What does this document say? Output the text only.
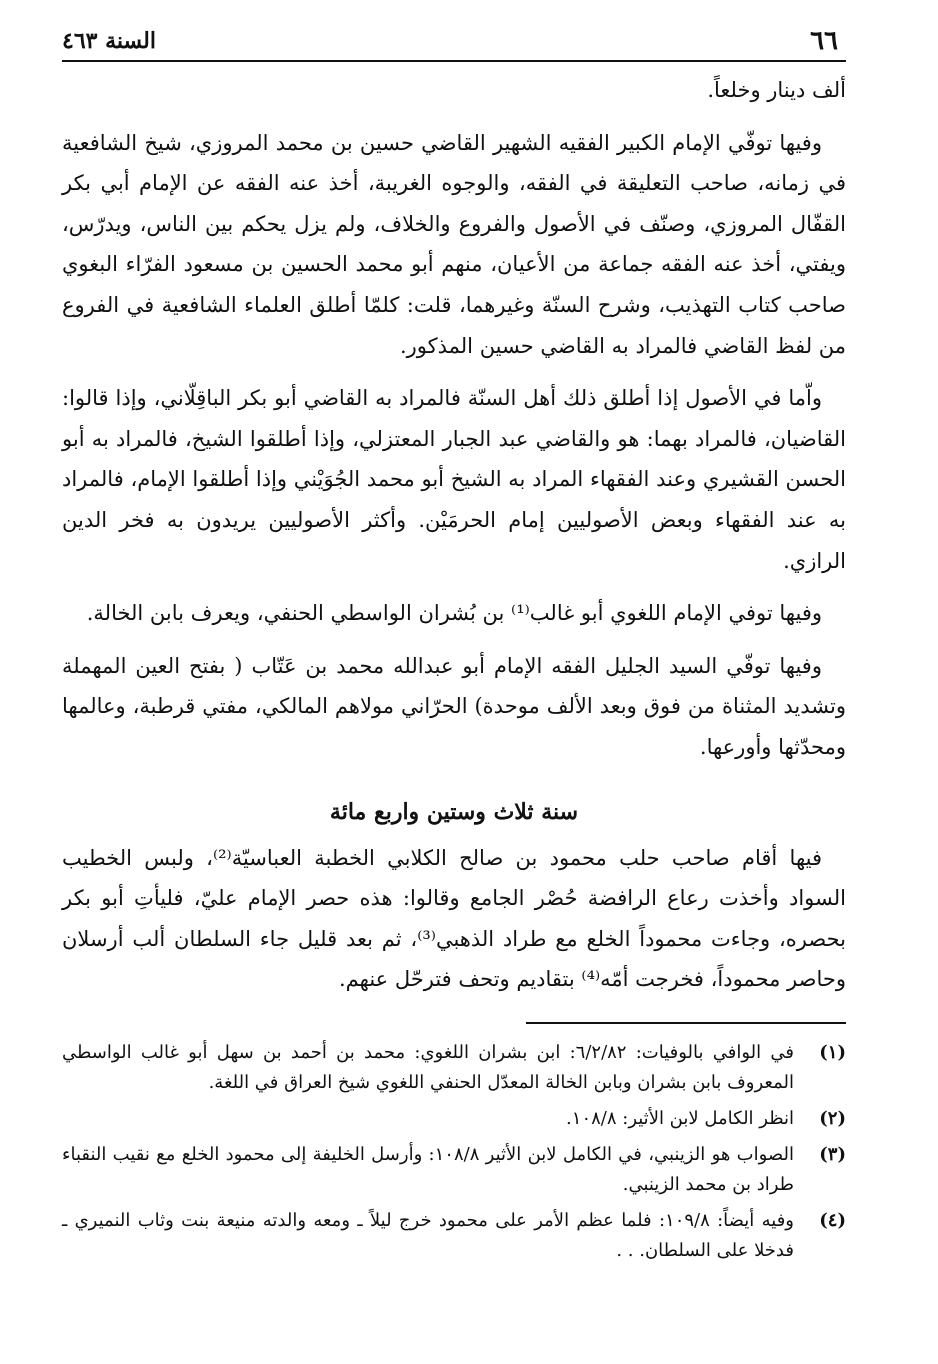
٦٦
السنة ٤٦٣

ألف دينار وخلعاً.

وفيها توفّي الإمام الكبير الفقيه الشهير القاضي حسين بن محمد المروزي، شيخ الشافعية في زمانه، صاحب التعليقة في الفقه، والوجوه الغريبة، أخذ عنه الفقه عن الإمام أبي بكر القفّال المروزي، وصنّف في الأصول والفروع والخلاف، ولم يزل يحكم بين الناس، ويدرّس، ويفتي، أخذ عنه الفقه جماعة من الأعيان، منهم أبو محمد الحسين بن مسعود الفرّاء البغوي صاحب كتاب التهذيب، وشرح السنّة وغيرهما، قلت: كلمّا أطلق العلماء الشافعية في الفروع من لفظ القاضي فالمراد به القاضي حسين المذكور.

واّما في الأصول إذا أطلق ذلك أهل السنّة فالمراد به القاضي أبو بكر الباقِلّاني، وإذا قالوا: القاضيان، فالمراد بهما: هو والقاضي عبد الجبار المعتزلي، وإذا أطلقوا الشيخ، فالمراد به أبو الحسن القشيري وعند الفقهاء المراد به الشيخ أبو محمد الجُوَيْني وإذا أطلقوا الإمام، فالمراد به عند الفقهاء وبعض الأصوليين إمام الحرمَيْن. وأكثر الأصوليين يريدون به فخر الدين الرازي.

وفيها توفي الإمام اللغوي أبو غالب⁽¹⁾ بن بُشران الواسطي الحنفي، ويعرف بابن الخالة.

وفيها توفّي السيد الجليل الفقه الإمام أبو عبدالله محمد بن عَتّاب ( بفتح العين المهملة وتشديد المثناة من فوق وبعد الألف موحدة) الحرّاني مولاهم المالكي، مفتي قرطبة، وعالمها ومحدّثها وأورعها.

سنة ثلاث وستين واربع مائة

فيها أقام صاحب حلب محمود بن صالح الكلابي الخطبة العباسيّة⁽²⁾، ولبس الخطيب السواد وأخذت رعاع الرافضة حُصْر الجامع وقالوا: هذه حصر الإمام عليّ، فليأتِ أبو بكر بحصره، وجاءت محموداً الخلع مع طراد الذهبي⁽³⁾، ثم بعد قليل جاء السلطان ألب أرسلان وحاصر محموداً، فخرجت أمّه⁽⁴⁾ بتقاديم وتحف فترحّل عنهم.

(١)
في الوافي بالوفيات: ٦/٢/٨٢: ابن بشران اللغوي: محمد بن أحمد بن سهل أبو غالب الواسطي المعروف بابن بشران وبابن الخالة المعدّل الحنفي اللغوي شيخ العراق في اللغة.
(٢)
انظر الكامل لابن الأثير: ١٠٨/٨.
(٣)
الصواب هو الزينبي، في الكامل لابن الأثير ١٠٨/٨: وأرسل الخليفة إلى محمود الخلع مع نقيب النقباء طراد بن محمد الزينبي.
(٤)
وفيه أيضاً: ١٠٩/٨: فلما عظم الأمر على محمود خرج ليلاً ـ ومعه والدته منيعة بنت وثاب النميري ـ فدخلا على السلطان. . .
